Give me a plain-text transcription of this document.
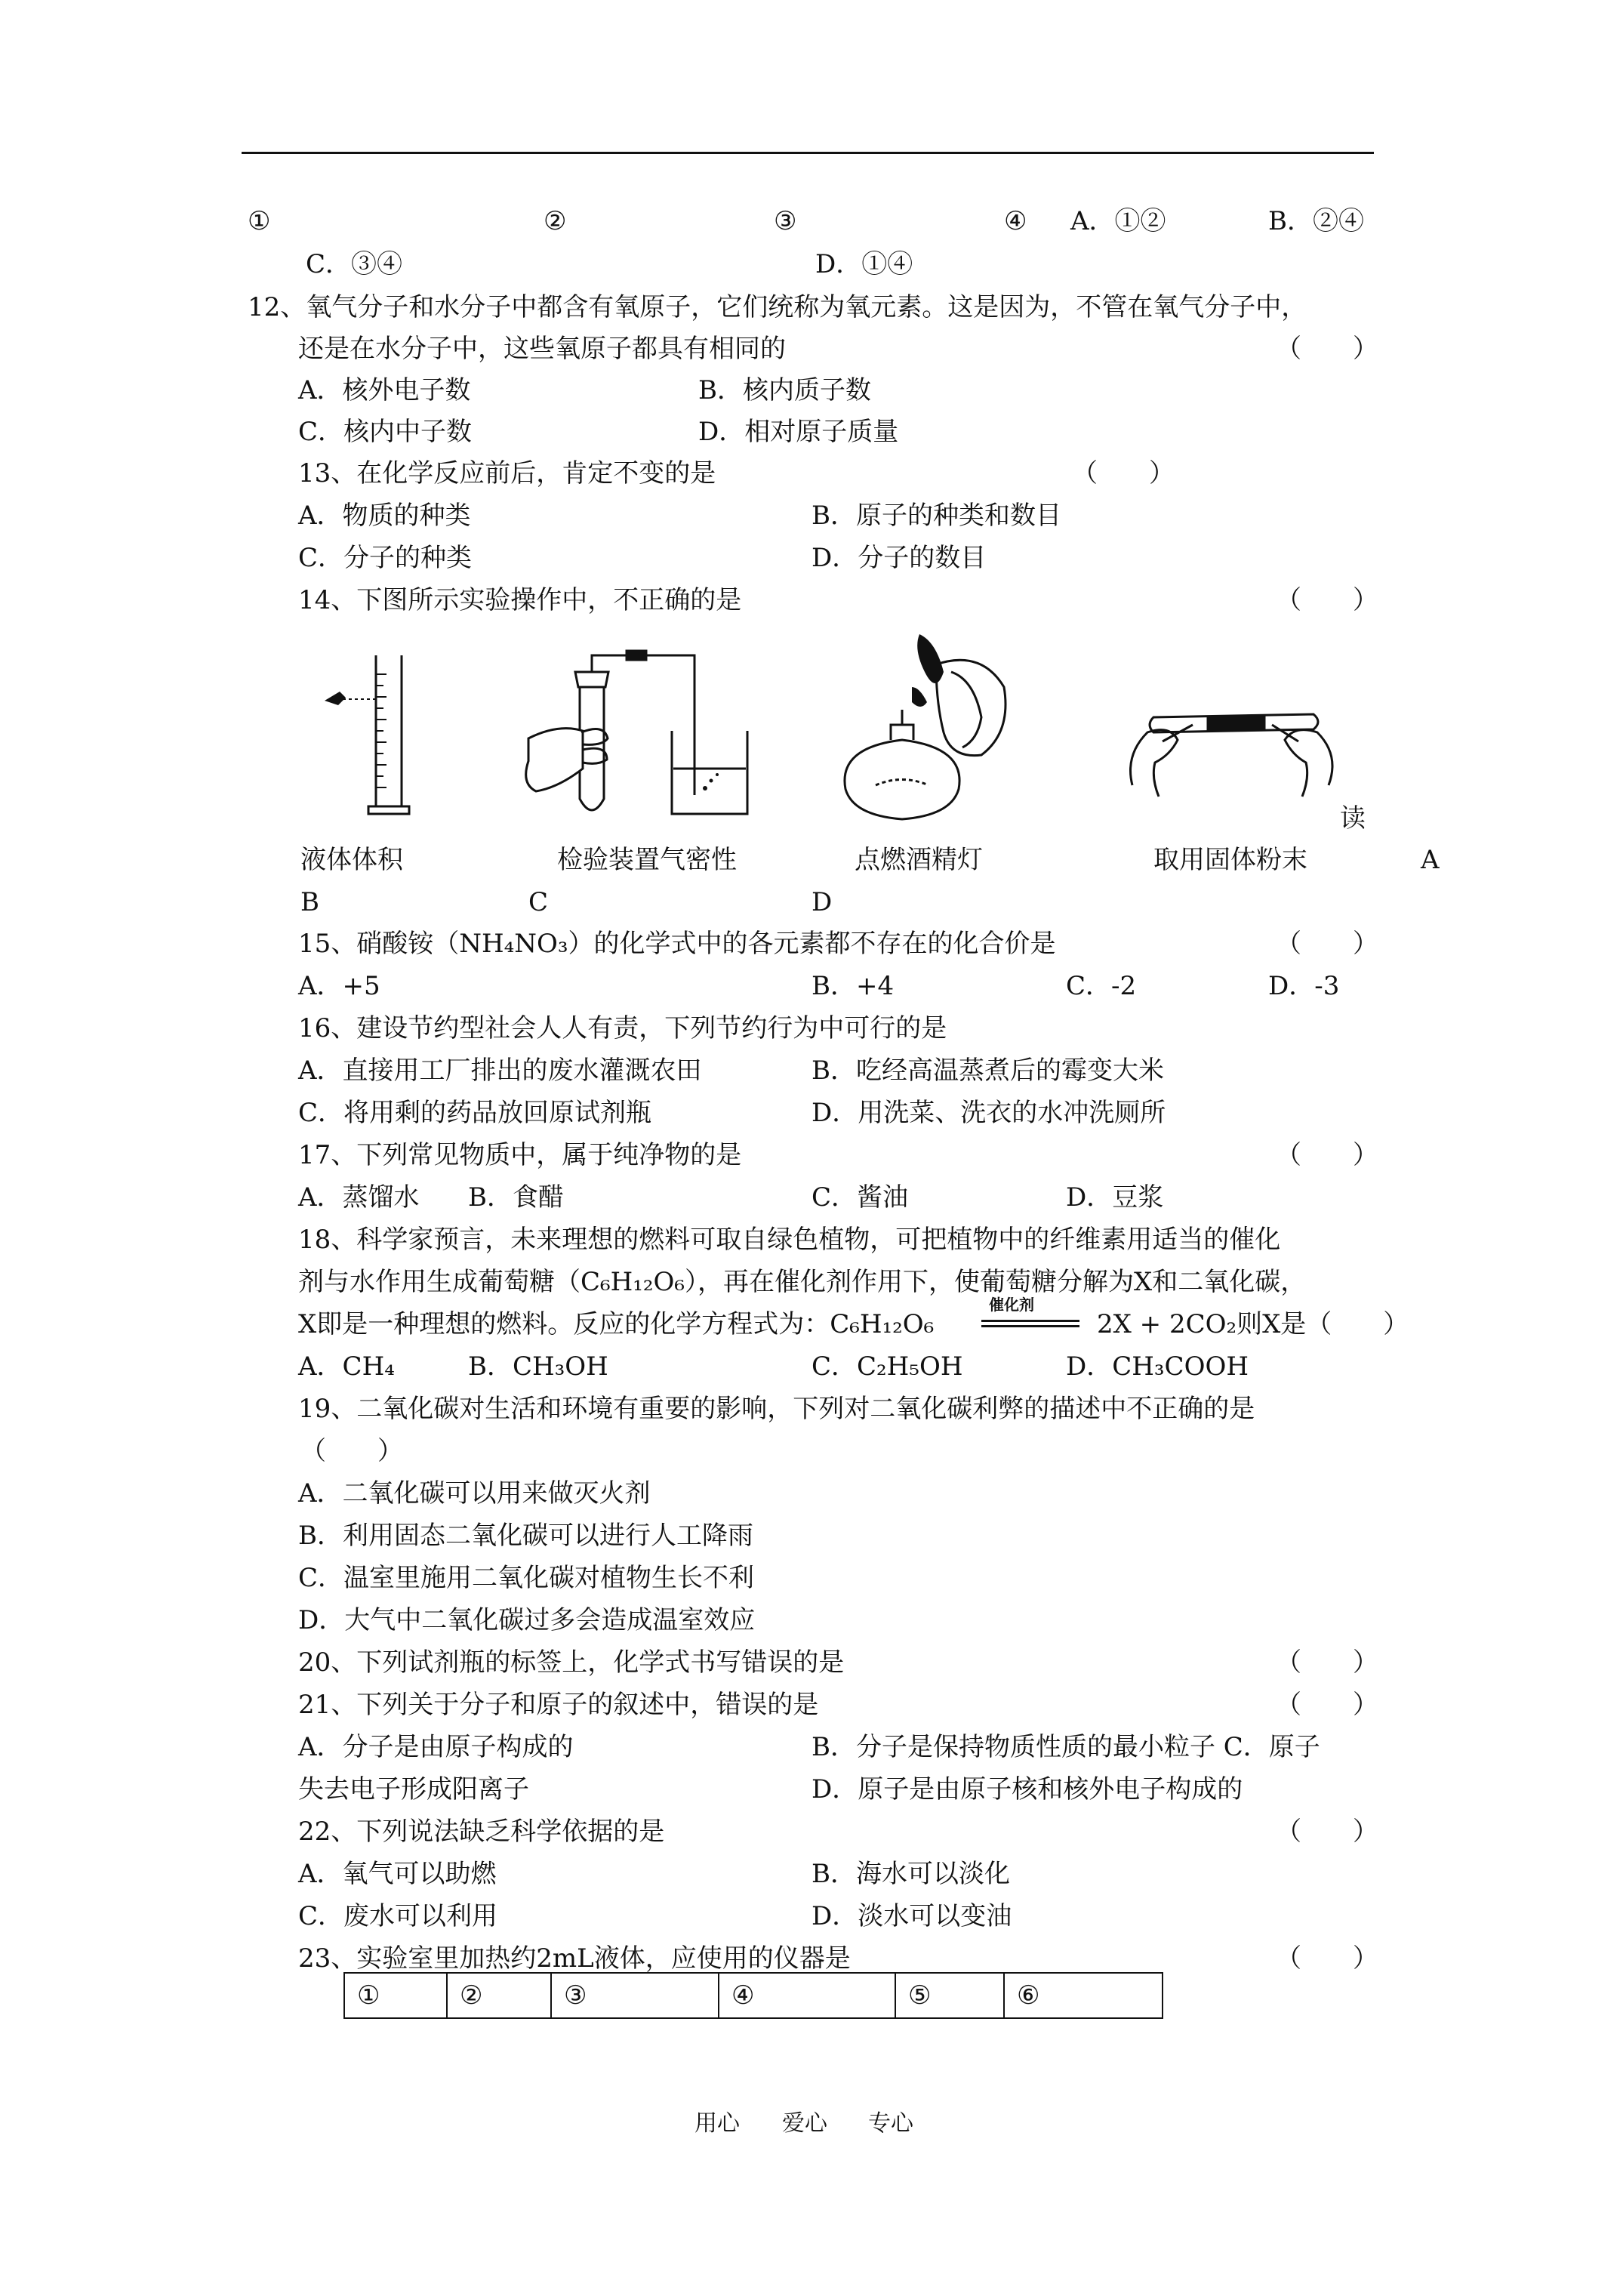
①	②	③	④ A．①②	B．②④
C．③④	D．①④
12、氧气分子和水分子中都含有氧原子，它们统称为氧元素。这是因为，不管在氧气分子中，
还是在水分子中，这些氧原子都具有相同的	（　　）
A．核外电子数	B．核内质子数
C．核内中子数	D．相对原子质量
13、在化学反应前后，肯定不变的是	（　　）
A．物质的种类	B．原子的种类和数目
C．分子的种类	D．分子的数目
14、下图所示实验操作中，不正确的是	（　　）
读
液体体积	检验装置气密性	点燃酒精灯	取用固体粉末	A
B	C	D
15、硝酸铵（NH₄NO₃）的化学式中的各元素都不存在的化合价是	（　　）
A．+5	B．+4	C．-2	D．-3
16、建设节约型社会人人有责，下列节约行为中可行的是
A．直接用工厂排出的废水灌溉农田	B．吃经高温蒸煮后的霉变大米
C．将用剩的药品放回原试剂瓶	D．用洗菜、洗衣的水冲洗厕所
17、下列常见物质中，属于纯净物的是	（　　）
A．蒸馏水 B．食醋	C．酱油	D．豆浆
18、科学家预言，未来理想的燃料可取自绿色植物，可把植物中的纤维素用适当的催化
剂与水作用生成葡萄糖（C₆H₁₂O₆），再在催化剂作用下，使葡萄糖分解为X和二氧化碳，
X即是一种理想的燃料。反应的化学方程式为：C₆H₁₂O₆
催化剂
2X + 2CO₂则X是（　　）
A．CH₄	B．CH₃OH	C．C₂H₅OH	D．CH₃COOH
19、二氧化碳对生活和环境有重要的影响，下列对二氧化碳利弊的描述中不正确的是
（　　）
A．二氧化碳可以用来做灭火剂
B．利用固态二氧化碳可以进行人工降雨
C．温室里施用二氧化碳对植物生长不利
D．大气中二氧化碳过多会造成温室效应
20、下列试剂瓶的标签上，化学式书写错误的是	（　　）
21、下列关于分子和原子的叙述中，错误的是	（　　）
A．分子是由原子构成的	B．分子是保持物质性质的最小粒子 C．原子
失去电子形成阳离子	D．原子是由原子核和核外电子构成的
22、下列说法缺乏科学依据的是	（　　）
A．氧气可以助燃	B．海水可以淡化
C．废水可以利用	D．淡水可以变油
23、实验室里加热约2mL液体，应使用的仪器是	（　　）
①	②	③	④	⑤	⑥
用心 爱心 专心
